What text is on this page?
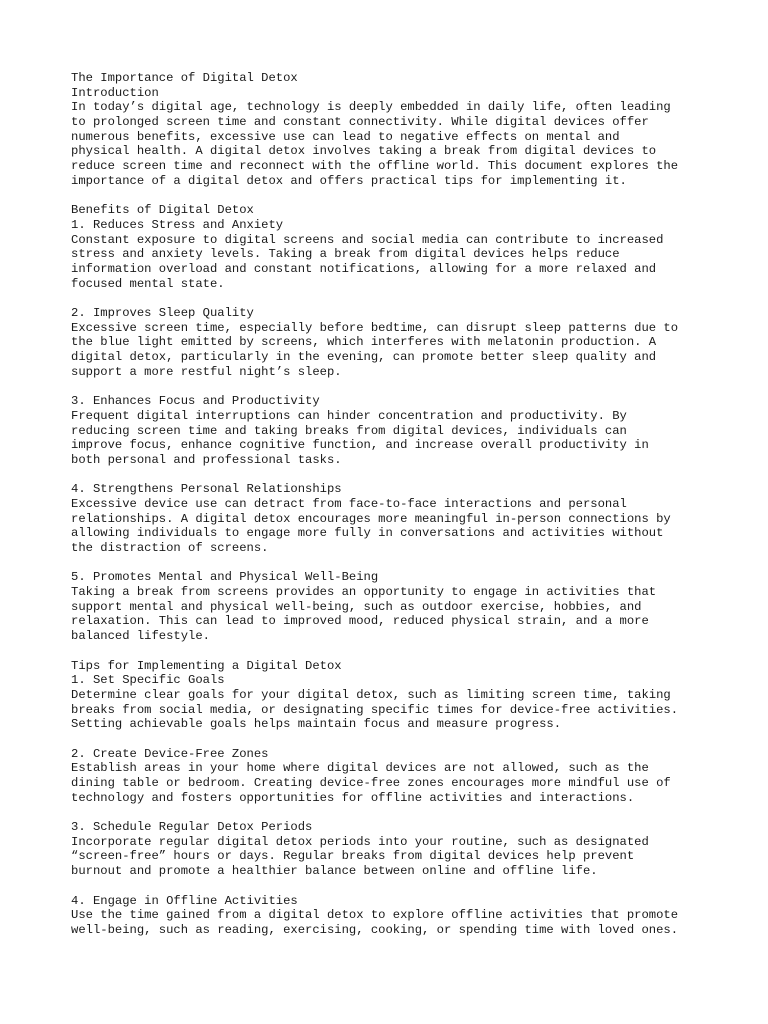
The Importance of Digital Detox
Introduction
In today’s digital age, technology is deeply embedded in daily life, often leading
to prolonged screen time and constant connectivity. While digital devices offer
numerous benefits, excessive use can lead to negative effects on mental and
physical health. A digital detox involves taking a break from digital devices to
reduce screen time and reconnect with the offline world. This document explores the
importance of a digital detox and offers practical tips for implementing it.
Benefits of Digital Detox
1. Reduces Stress and Anxiety
Constant exposure to digital screens and social media can contribute to increased
stress and anxiety levels. Taking a break from digital devices helps reduce
information overload and constant notifications, allowing for a more relaxed and
focused mental state.
2. Improves Sleep Quality
Excessive screen time, especially before bedtime, can disrupt sleep patterns due to
the blue light emitted by screens, which interferes with melatonin production. A
digital detox, particularly in the evening, can promote better sleep quality and
support a more restful night’s sleep.
3. Enhances Focus and Productivity
Frequent digital interruptions can hinder concentration and productivity. By
reducing screen time and taking breaks from digital devices, individuals can
improve focus, enhance cognitive function, and increase overall productivity in
both personal and professional tasks.
4. Strengthens Personal Relationships
Excessive device use can detract from face-to-face interactions and personal
relationships. A digital detox encourages more meaningful in-person connections by
allowing individuals to engage more fully in conversations and activities without
the distraction of screens.
5. Promotes Mental and Physical Well-Being
Taking a break from screens provides an opportunity to engage in activities that
support mental and physical well-being, such as outdoor exercise, hobbies, and
relaxation. This can lead to improved mood, reduced physical strain, and a more
balanced lifestyle.
Tips for Implementing a Digital Detox
1. Set Specific Goals
Determine clear goals for your digital detox, such as limiting screen time, taking
breaks from social media, or designating specific times for device-free activities.
Setting achievable goals helps maintain focus and measure progress.
2. Create Device-Free Zones
Establish areas in your home where digital devices are not allowed, such as the
dining table or bedroom. Creating device-free zones encourages more mindful use of
technology and fosters opportunities for offline activities and interactions.
3. Schedule Regular Detox Periods
Incorporate regular digital detox periods into your routine, such as designated
“screen-free” hours or days. Regular breaks from digital devices help prevent
burnout and promote a healthier balance between online and offline life.
4. Engage in Offline Activities
Use the time gained from a digital detox to explore offline activities that promote
well-being, such as reading, exercising, cooking, or spending time with loved ones.
